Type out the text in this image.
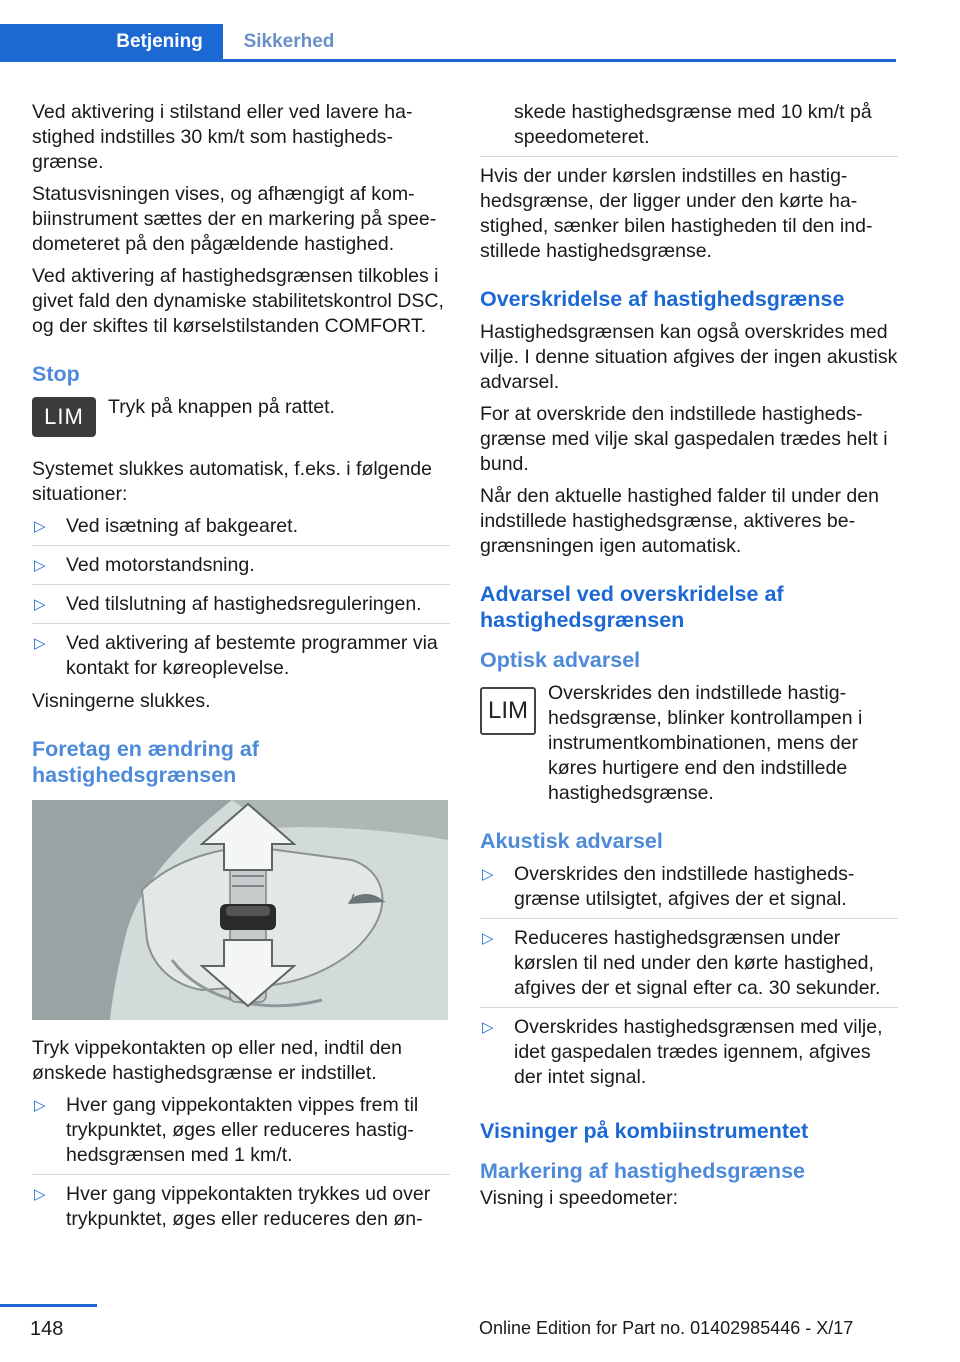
Betjening	Sikkerhed

Ved aktivering i stilstand eller ved lavere hastighed indstilles 30 km/t som hastighedsgrænse.

Statusvisningen vises, og afhængigt af kombiinstrument sættes der en markering på speedometeret på den pågældende hastighed.

Ved aktivering af hastighedsgrænsen tilkobles i givet fald den dynamiske stabilitetskontrol DSC, og der skiftes til kørselstilstanden COMFORT.

Stop
LIM	Tryk på knappen på rattet.

Systemet slukkes automatisk, f.eks. i følgende situationer:

▷ Ved isætning af bakgearet.
▷ Ved motorstandsning.
▷ Ved tilslutning af hastighedsreguleringen.
▷ Ved aktivering af bestemte programmer via kontakt for køreoplevelse.

Visningerne slukkes.

Foretag en ændring af hastighedsgrænsen

Tryk vippekontakten op eller ned, indtil den ønskede hastighedsgrænse er indstillet.

▷ Hver gang vippekontakten vippes frem til trykpunktet, øges eller reduceres hastighedsgrænsen med 1 km/t.
▷ Hver gang vippekontakten trykkes ud over trykpunktet, øges eller reduceres den øn-

skede hastighedsgrænse med 10 km/t på speedometeret.

Hvis der under kørslen indstilles en hastighedsgrænse, der ligger under den kørte hastighed, sænker bilen hastigheden til den indstillede hastighedsgrænse.

Overskridelse af hastighedsgrænse

Hastighedsgrænsen kan også overskrides med vilje. I denne situation afgives der ingen akustisk advarsel.

For at overskride den indstillede hastighedsgrænse med vilje skal gaspedalen trædes helt i bund.

Når den aktuelle hastighed falder til under den indstillede hastighedsgrænse, aktiveres begrænsningen igen automatisk.

Advarsel ved overskridelse af hastighedsgrænsen
Optisk advarsel
LIM

Overskrides den indstillede hastighedsgrænse, blinker kontrollampen i instrumentkombinationen, mens der køres hurtigere end den indstillede hastighedsgrænse.

Akustisk advarsel
▷ Overskrides den indstillede hastighedsgrænse utilsigtet, afgives der et signal.
▷ Reduceres hastighedsgrænsen under kørslen til ned under den kørte hastighed, afgives der et signal efter ca. 30 sekunder.
▷ Overskrides hastighedsgrænsen med vilje, idet gaspedalen trædes igennem, afgives der intet signal.
Visninger på kombiinstrumentet
Markering af hastighedsgrænse

Visning i speedometer:

148	Online Edition for Part no. 01402985446 - X/17
